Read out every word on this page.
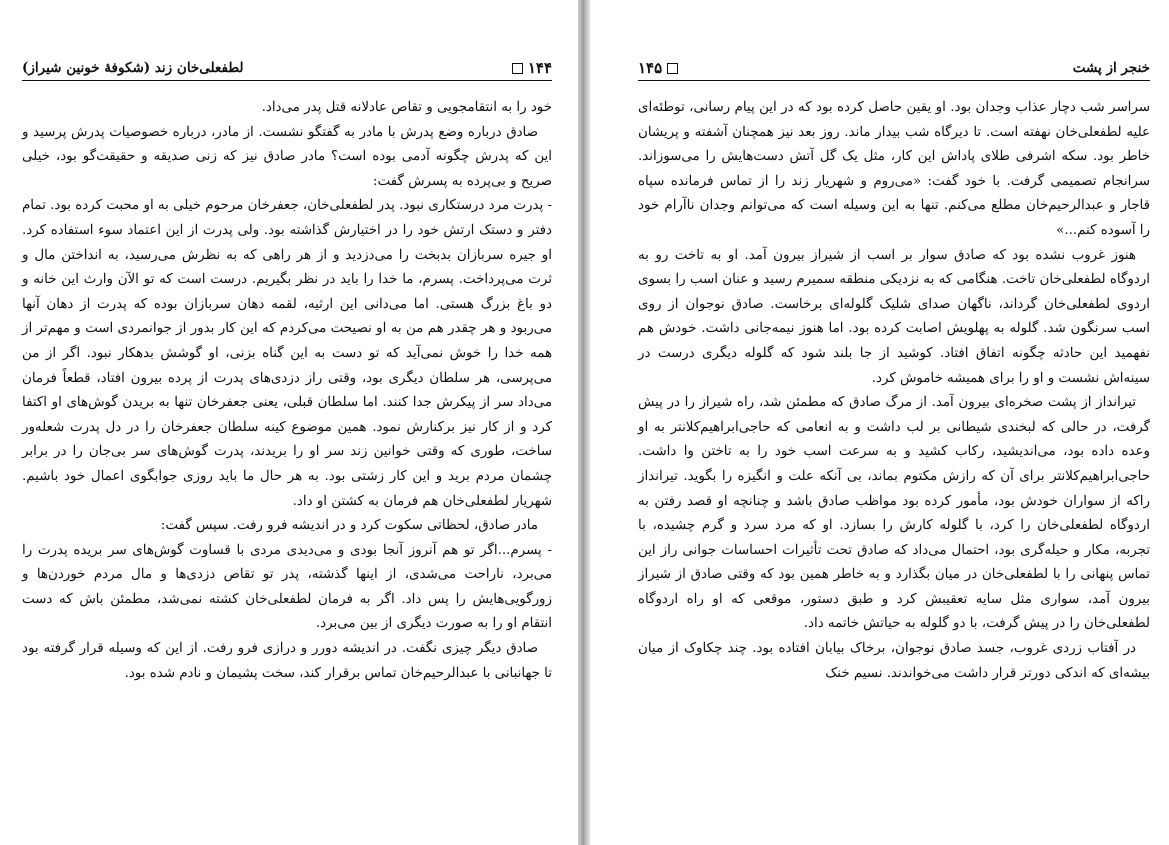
لطفعلی‌خان زند (شکوفهٔ خونین شیراز)	۱۴۴

خود را به انتقامجویی و تقاص عادلانه قتل پدر می‌داد.

صادق درباره وضع پدرش با مادر به گفتگو نشست. از مادر، درباره خصوصیات پدرش پرسید و این که پدرش چگونه آدمی بوده است؟ مادر صادق نیز که زنی صدیقه و حقیقت‌گو بود، خیلی صریح و بی‌پرده به پسرش گفت:

- پدرت مرد درستکاری نبود. پدر لطفعلی‌خان، جعفرخان مرحوم خیلی به او محبت کرده بود. تمام دفتر و دستک ارتش خود را در اختیارش گذاشته بود. ولی پدرت از این اعتماد سوء استفاده کرد. او جیره سربازان بدبخت را می‌دزدید و از هر راهی که به نظرش می‌رسید، به انداختن مال و ثرت می‌پرداخت. پسرم، ما خدا را باید در نظر بگیریم. درست است که تو الآن وارث این خانه و دو باغ بزرگ هستی. اما می‌دانی این ارثیه، لقمه دهان سربازان بوده که پدرت از دهان آنها می‌ربود و هر چقدر هم من به او نصیحت می‌کردم که این کار بدور از جوانمردی است و مهم‌تر از همه خدا را خوش نمی‌آید که تو دست به این گناه بزنی، او گوشش بدهکار نبود. اگر از من می‌پرسی، هر سلطان دیگری بود، وقتی راز دزدی‌های پدرت از پرده بیرون افتاد، قطعاً فرمان می‌داد سر از پیکرش جدا کنند. اما سلطان قبلی، یعنی جعفرخان تنها به بریدن گوش‌های او اکتفا کرد و از کار نیز برکنارش نمود. همین موضوع کینه سلطان جعفرخان را در دل پدرت شعله‌ور ساخت، طوری که وقتی خوانین زند سر او را بریدند، پدرت گوش‌های سر بی‌جان را در برابر چشمان مردم برید و این کار زشتی بود. به هر حال ما باید روزی جوابگوی اعمال خود باشیم. شهریار لطفعلی‌خان هم فرمان به کشتن او داد.

مادر صادق، لحظاتی سکوت کرد و در اندیشه فرو رفت. سپس گفت:

- پسرم...اگر تو هم آنروز آنجا بودی و می‌دیدی مردی با قساوت گوش‌های سر بریده پدرت را می‌برد، ناراحت می‌شدی، از اینها گذشته، پدر تو تقاص دزدی‌ها و مال مردم خوردن‌ها و زورگویی‌هایش را پس داد. اگر به فرمان لطفعلی‌خان کشته نمی‌شد، مطمئن باش که دست انتقام او را به صورت دیگری از بین می‌برد.

صادق دیگر چیزی نگفت. در اندیشه دورر و درازی فرو رفت. از این که وسیله قرار گرفته بود تا جهانبانی با عبدالرحیم‌خان تماس برقرار کند، سخت پشیمان و نادم شده بود.

۱۴۵	خنجر از پشت

سراسر شب دچار عذاب وجدان بود. او یقین حاصل کرده بود که در این پیام رسانی، توطئه‌ای علیه لطفعلی‌خان نهفته است. تا دیرگاه شب بیدار ماند. روز بعد نیز همچنان آشفته و پریشان خاطر بود. سکه اشرفی طلای پاداش این کار، مثل یک گل آتش دست‌هایش را می‌سوزاند. سرانجام تصمیمی گرفت. با خود گفت: «می‌روم و شهریار زند را از تماس فرمانده سپاه قاجار و عبدالرحیم‌خان مطلع می‌کنم. تنها به این وسیله است که می‌توانم وجدان ناآرام خود را آسوده کنم...»

هنوز غروب نشده بود که صادق سوار بر اسب از شیراز بیرون آمد. او به تاخت رو به اردوگاه لطفعلی‌خان تاخت. هنگامی که به نزدیکی منطقه سمیرم رسید و عنان اسب را بسوی اردوی لطفعلی‌خان گرداند، ناگهان صدای شلیک گلوله‌ای برخاست. صادق نوجوان از روی اسب سرنگون شد. گلوله به پهلویش اصابت کرده بود. اما هنوز نیمه‌جانی داشت. خودش هم نفهمید این حادثه چگونه اتفاق افتاد. کوشید از جا بلند شود که گلوله دیگری درست در سینه‌اش نشست و او را برای همیشه خاموش کرد.

تیرانداز از پشت صخره‌ای بیرون آمد. از مرگ صادق که مطمئن شد، راه شیراز را در پیش گرفت، در حالی که لبخندی شیطانی بر لب داشت و به انعامی که حاجی‌ابراهیم‌کلانتر به او وعده داده بود، می‌اندیشید، رکاب کشید و به سرعت اسب خود را به تاختن وا داشت. حاجی‌ابراهیم‌کلانتر برای آن که رازش مکتوم بماند، بی آنکه علت و انگیزه را بگوید. تیرانداز راکه از سواران خودش بود، مأمور کرده بود مواظب صادق باشد و چنانچه او قصد رفتن به اردوگاه لطفعلی‌خان را کرد، با گلوله کارش را بسازد. او که مرد سرد و گرم چشیده، با تجربه، مکار و حیله‌گری بود، احتمال می‌داد که صادق تحت تأثیرات احساسات جوانی راز این تماس پنهانی را با لطفعلی‌خان در میان بگذارد و به خاطر همین بود که وقتی صادق از شیراز بیرون آمد، سواری مثل سایه تعقیبش کرد و طبق دستور، موقعی که او راه اردوگاه لطفعلی‌خان را در پیش گرفت، با دو گلوله به حیاتش خاتمه داد.

در آفتاب زردی غروب، جسد صادق نوجوان، برخاک بیابان افتاده بود. چند چکاوک از میان بیشه‌ای که اندکی دورتر قرار داشت می‌خواندند. نسیم خنک
